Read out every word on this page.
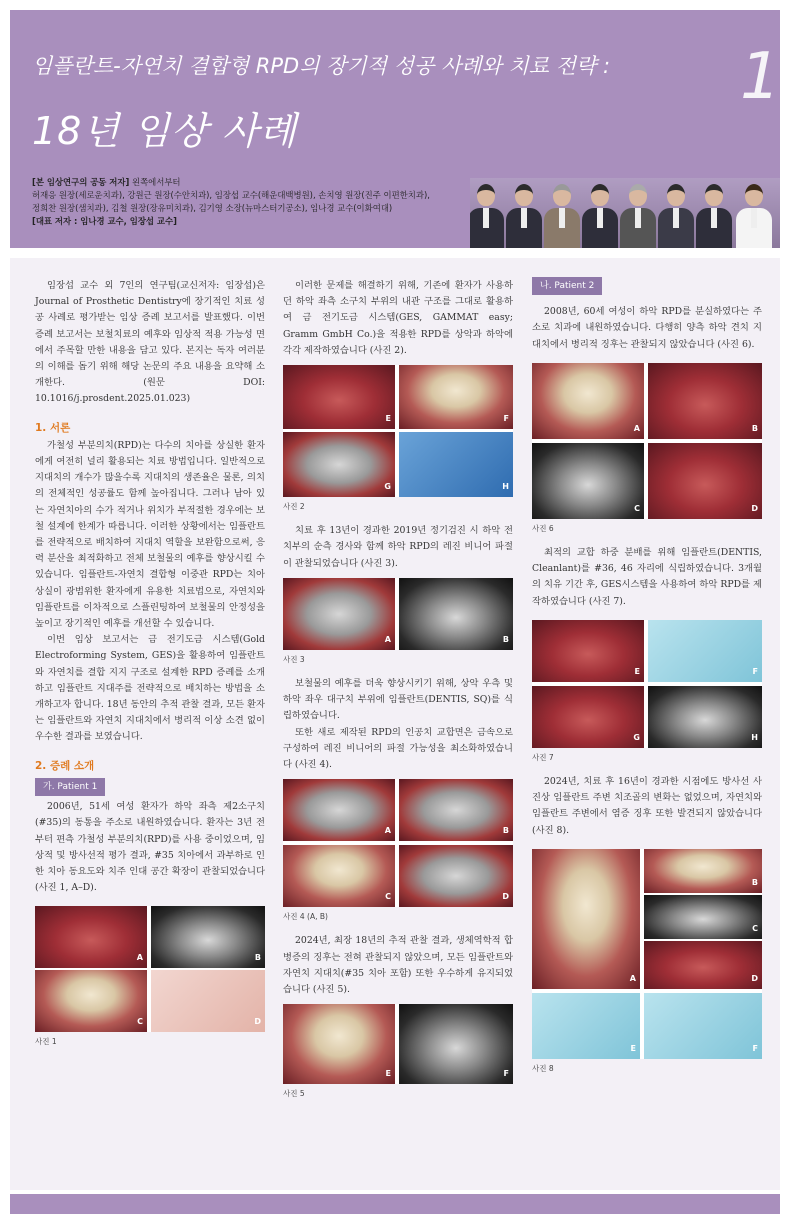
임플란트-자연치 결합형 RPD의 장기적 성공 사례와 치료 전략 :
18년 임상 사례
1
[본 임상연구의 공동 저자] 왼쪽에서부터
허재응 원장(세로운치과), 강원근 원장(수안치과), 임장섭 교수(해운대백병원), 손치영 원장(진주 이편한치과),
정희찬 원장(샘치과), 김철 원장(장유미치과), 김기영 소장(뉴마스터기공소), 임나경 교수(이화여대)
[대표 저자 : 임나경 교수, 임장섭 교수]

임장섭 교수 외 7인의 연구팀(교신저자: 임장섭)은 Journal of Prosthetic Dentistry에 장기적인 치료 성공 사례로 평가받는 임상 증례 보고서를 발표했다. 이번 증례 보고서는 보철치료의 예후와 임상적 적용 가능성 면에서 주목할 만한 내용을 담고 있다. 본지는 독자 여러분의 이해를 돕기 위해 해당 논문의 주요 내용을 요약해 소개한다. (원문 DOI: 10.1016/j.prosdent.2025.01.023)

1. 서론

가철성 부분의치(RPD)는 다수의 치아를 상실한 환자에게 여전히 널리 활용되는 치료 방법입니다. 일반적으로 지대치의 개수가 많을수록 지대치의 생존율은 물론, 의치의 전체적인 성공률도 함께 높아집니다. 그러나 남아 있는 자연치아의 수가 적거나 위치가 부적절한 경우에는 보철 설계에 한계가 따릅니다. 이러한 상황에서는 임플란트를 전략적으로 배치하여 지대치 역할을 보완함으로써, 응력 분산을 최적화하고 전체 보철물의 예후를 향상시킬 수 있습니다. 임플란트-자연치 결합형 이중관 RPD는 치아 상실이 광범위한 환자에게 유용한 치료법으로, 자연치와 임플란트를 이차적으로 스플린팅하여 보철물의 안정성을 높이고 장기적인 예후를 개선할 수 있습니다.

이번 임상 보고서는 금 전기도금 시스템(Gold Electroforming System, GES)을 활용하여 임플란트와 자연치를 결합 지지 구조로 설계한 RPD 증례를 소개하고 임플란트 지대주를 전략적으로 배치하는 방법을 소개하고자 합니다. 18년 동안의 추적 관찰 결과, 모든 환자는 임플란트와 자연치 지대치에서 병리적 이상 소견 없이 우수한 결과를 보였습니다.

2. 증례 소개
가. Patient 1

2006년, 51세 여성 환자가 하악 좌측 제2소구치(#35)의 동통을 주소로 내원하였습니다. 환자는 3년 전부터 편측 가철성 부분의치(RPD)를 사용 중이었으며, 임상적 및 방사선적 평가 결과, #35 치아에서 과부하로 인한 치아 동요도와 치주 인대 공간 확장이 관찰되었습니다 (사진 1, A–D).

A	B
C	D
사진 1

이러한 문제를 해결하기 위해, 기존에 환자가 사용하던 하악 좌측 소구치 부위의 내관 구조를 그대로 활용하여 금 전기도금 시스템(GES, GAMMAT easy; Gramm GmbH Co.)을 적용한 RPD를 상악과 하악에 각각 제작하였습니다 (사진 2).

E	F
G	H
사진 2

치료 후 13년이 경과한 2019년 정기검진 시 하악 전치부의 순측 경사와 함께 하악 RPD의 레진 비니어 파절이 관찰되었습니다 (사진 3).

A	B
사진 3

보철물의 예후를 더욱 향상시키기 위해, 상악 우측 및 하악 좌우 대구치 부위에 임플란트(DENTIS, SQ)를 식립하였습니다.

또한 새로 제작된 RPD의 인공치 교합면은 금속으로 구성하여 레진 비니어의 파절 가능성을 최소화하였습니다 (사진 4).

A	B
C	D
사진 4 (A, B)

2024년, 최장 18년의 추적 관찰 결과, 생체역학적 합병증의 징후는 전혀 관찰되지 않았으며, 모든 임플란트와 자연치 지대치(#35 치아 포함) 또한 우수하게 유지되었습니다 (사진 5).

E	F
사진 5
나. Patient 2

2008년, 60세 여성이 하악 RPD를 분실하였다는 주소로 치과에 내원하였습니다. 다행히 양측 하악 견치 지대치에서 병리적 징후는 관찰되지 않았습니다 (사진 6).

A	B
C	D
사진 6

최적의 교합 하중 분배를 위해 임플란트(DENTIS, Cleanlant)를 #36, 46 자리에 식립하였습니다. 3개월의 치유 기간 후, GES시스템을 사용하여 하악 RPD를 제작하였습니다 (사진 7).

E	F
G	H
사진 7

2024년, 치료 후 16년이 경과한 시점에도 방사선 사진상 임플란트 주변 치조골의 변화는 없었으며, 자연치와 임플란트 주변에서 염증 징후 또한 발견되지 않았습니다 (사진 8).

A
B
C
D
E	F
사진 8
